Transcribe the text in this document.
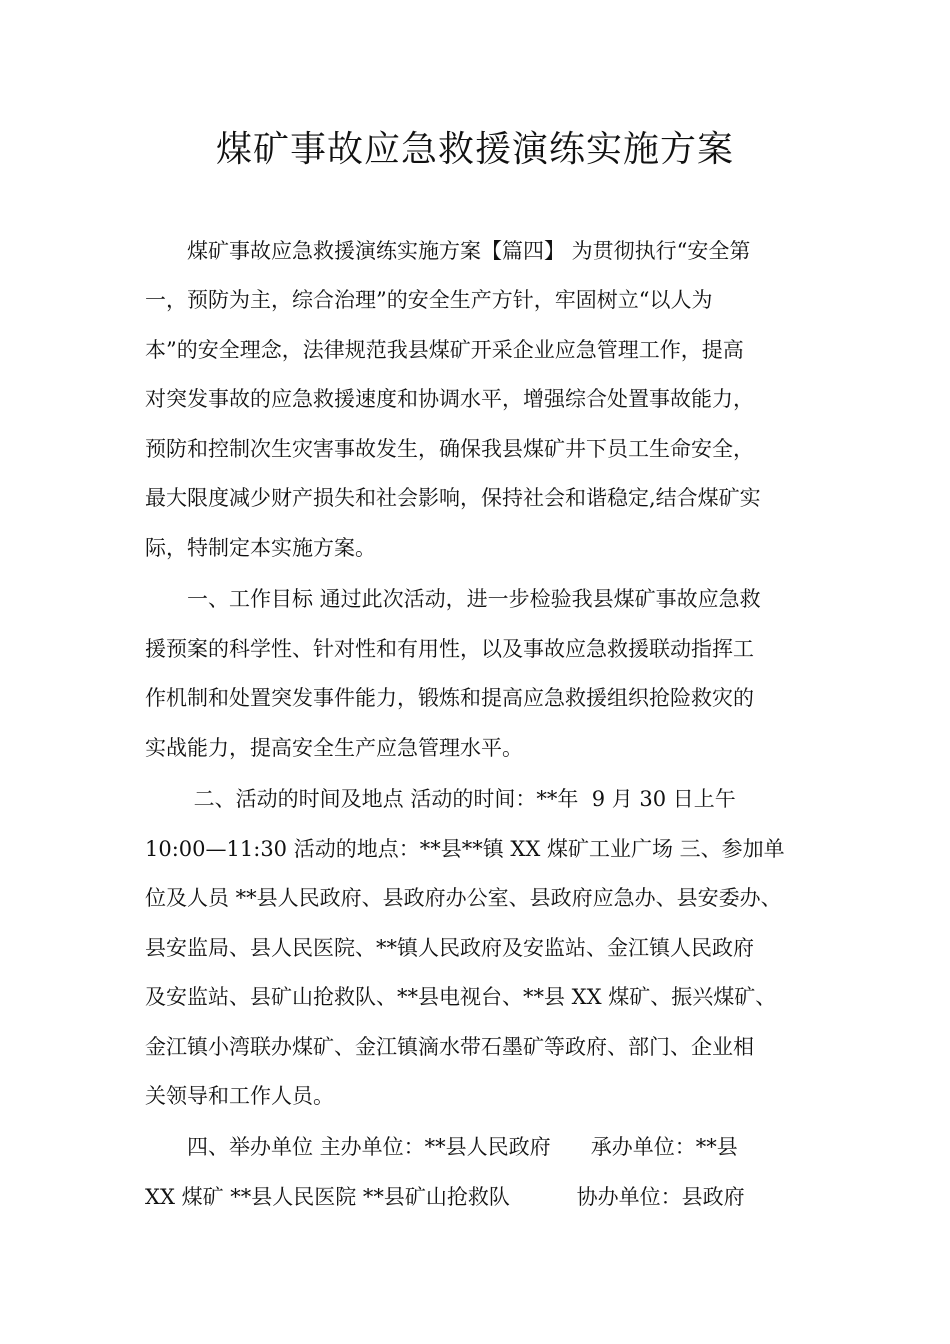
煤矿事故应急救援演练实施方案
煤矿事故应急救援演练实施方案【篇四】 为贯彻执行“安全第
一，预防为主，综合治理”的安全生产方针，牢固树立“以人为
本”的安全理念，法律规范我县煤矿开采企业应急管理工作，提高
对突发事故的应急救援速度和协调水平，增强综合处置事故能力，
预防和控制次生灾害事故发生，确保我县煤矿井下员工生命安全，
最大限度减少财产损失和社会影响，保持社会和谐稳定,结合煤矿实
际，特制定本实施方案。
一、工作目标 通过此次活动，进一步检验我县煤矿事故应急救
援预案的科学性、针对性和有用性，以及事故应急救援联动指挥工
作机制和处置突发事件能力，锻炼和提高应急救援组织抢险救灾的
实战能力，提高安全生产应急管理水平。
二、活动的时间及地点 活动的时间：**年  9 月 30 日上午
10:00—11:30 活动的地点：**县**镇 XX 煤矿工业广场 三、参加单
位及人员 **县人民政府、县政府办公室、县政府应急办、县安委办、
县安监局、县人民医院、**镇人民政府及安监站、金江镇人民政府
及安监站、县矿山抢救队、**县电视台、**县 XX 煤矿、振兴煤矿、
金江镇小湾联办煤矿、金江镇滴水带石墨矿等政府、部门、企业相
关领导和工作人员。
四、举办单位 主办单位：**县人民政府      承办单位：**县
XX 煤矿 **县人民医院 **县矿山抢救队          协办单位：县政府
